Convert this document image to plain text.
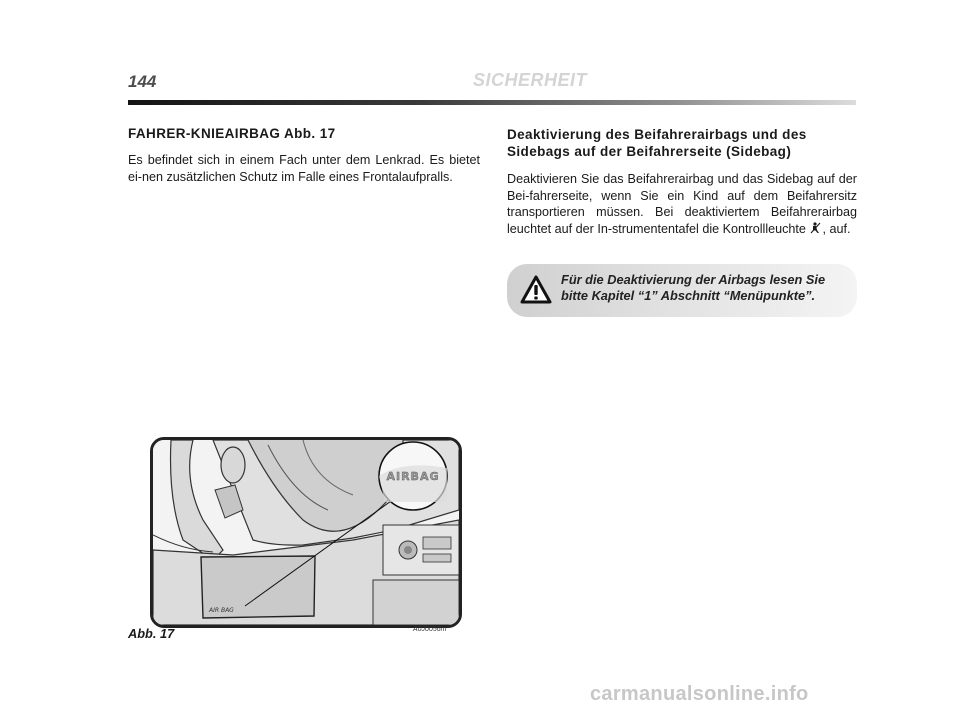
144	SICHERHEIT
FAHRER-KNIEAIRBAG Abb. 17
Es befindet sich in einem Fach unter dem Lenkrad. Es bietet ei-nen zusätzlichen Schutz im Falle eines Frontalaufpralls.
Deaktivierung des Beifahrerairbags und des Sidebags auf der Beifahrerseite (Sidebag)
Deaktivieren Sie das Beifahrerairbag und das Sidebag auf der Bei-fahrerseite, wenn Sie ein Kind auf dem Beifahrersitz transportieren müssen. Bei deaktiviertem Beifahrerairbag leuchtet auf der In-strumententafel die Kontrollleuchte , auf.
Für die Deaktivierung der Airbags lesen Sie bitte Kapitel “1” Abschnitt “Menüpunkte”.
AIR BAG
AIRBAG
Abb. 17	A0J0056m
carmanualsonline.info
